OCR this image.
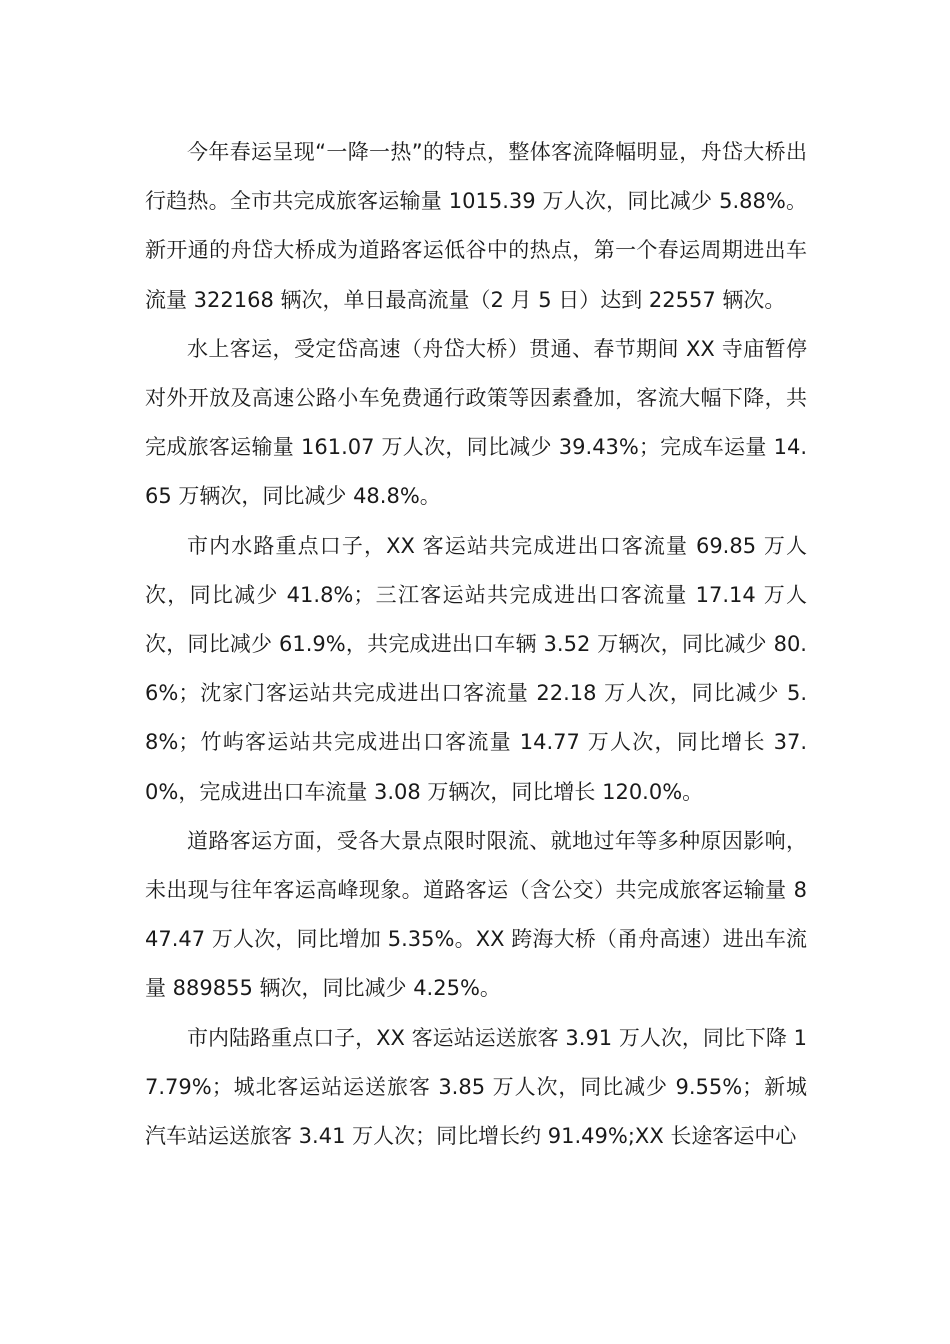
今年春运呈现“一降一热”的特点，整体客流降幅明显，舟岱大桥出行趋热。全市共完成旅客运输量 1015.39 万人次，同比减少 5.88%。新开通的舟岱大桥成为道路客运低谷中的热点，第一个春运周期进出车流量 322168 辆次，单日最高流量（2 月 5 日）达到 22557 辆次。

水上客运，受定岱高速（舟岱大桥）贯通、春节期间 XX 寺庙暂停对外开放及高速公路小车免费通行政策等因素叠加，客流大幅下降，共完成旅客运输量 161.07 万人次，同比减少 39.43%；完成车运量 14.65 万辆次，同比减少 48.8%。

市内水路重点口子，XX 客运站共完成进出口客流量 69.85 万人次，同比减少 41.8%；三江客运站共完成进出口客流量 17.14 万人次，同比减少 61.9%，共完成进出口车辆 3.52 万辆次，同比减少 80.6%；沈家门客运站共完成进出口客流量 22.18 万人次，同比减少 5.8%；竹屿客运站共完成进出口客流量 14.77 万人次，同比增长 37.0%，完成进出口车流量 3.08 万辆次，同比增长 120.0%。

道路客运方面，受各大景点限时限流、就地过年等多种原因影响，未出现与往年客运高峰现象。道路客运（含公交）共完成旅客运输量 847.47 万人次，同比增加 5.35%。XX 跨海大桥（甬舟高速）进出车流量 889855 辆次，同比减少 4.25%。

市内陆路重点口子，XX 客运站运送旅客 3.91 万人次，同比下降 17.79%；城北客运站运送旅客 3.85 万人次，同比减少 9.55%；新城汽车站运送旅客 3.41 万人次；同比增长约 91.49%;XX 长途客运中心
